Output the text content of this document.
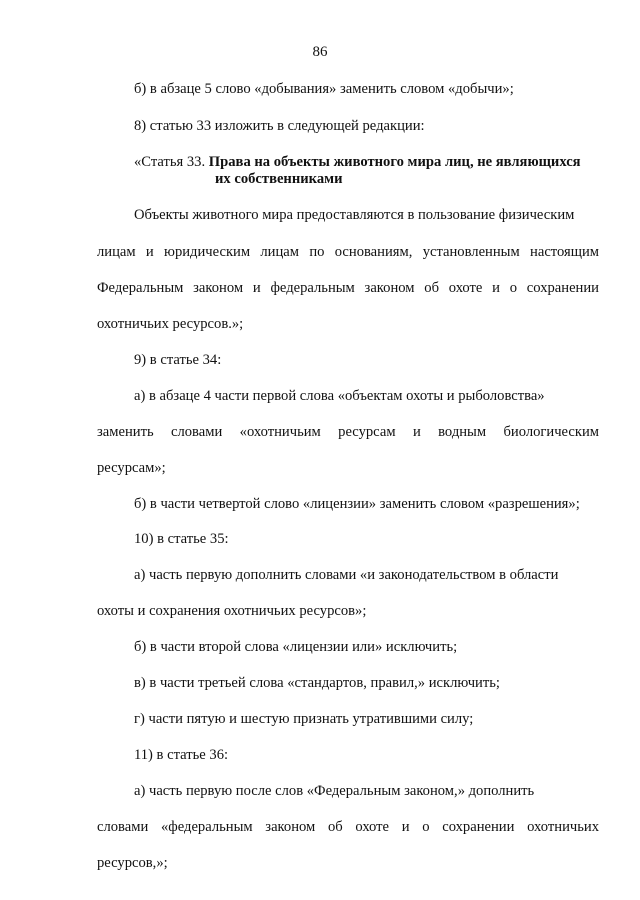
86
б) в абзаце 5 слово «добывания» заменить словом «добычи»;
8) статью 33 изложить в следующей редакции:
«Статья 33. Права на объекты животного мира лиц, не являющихся
их собственниками
Объекты животного мира предоставляются в пользование физическим
лицам и юридическим лицам по основаниям, установленным настоящим
Федеральным законом и федеральным законом об охоте и о сохранении
охотничьих ресурсов.»;
9) в статье 34:
а) в абзаце 4 части первой слова «объектам охоты и рыболовства»
заменить словами «охотничьим ресурсам и водным биологическим
ресурсам»;
б) в части четвертой слово «лицензии» заменить словом «разрешения»;
10) в статье 35:
а) часть первую дополнить словами «и законодательством в области
охоты и сохранения охотничьих ресурсов»;
б) в части второй слова «лицензии или» исключить;
в) в части третьей слова «стандартов, правил,» исключить;
г) части пятую и шестую признать утратившими силу;
11) в статье 36:
а) часть первую после слов «Федеральным законом,» дополнить
словами «федеральным законом об охоте и о сохранении охотничьих
ресурсов,»;
